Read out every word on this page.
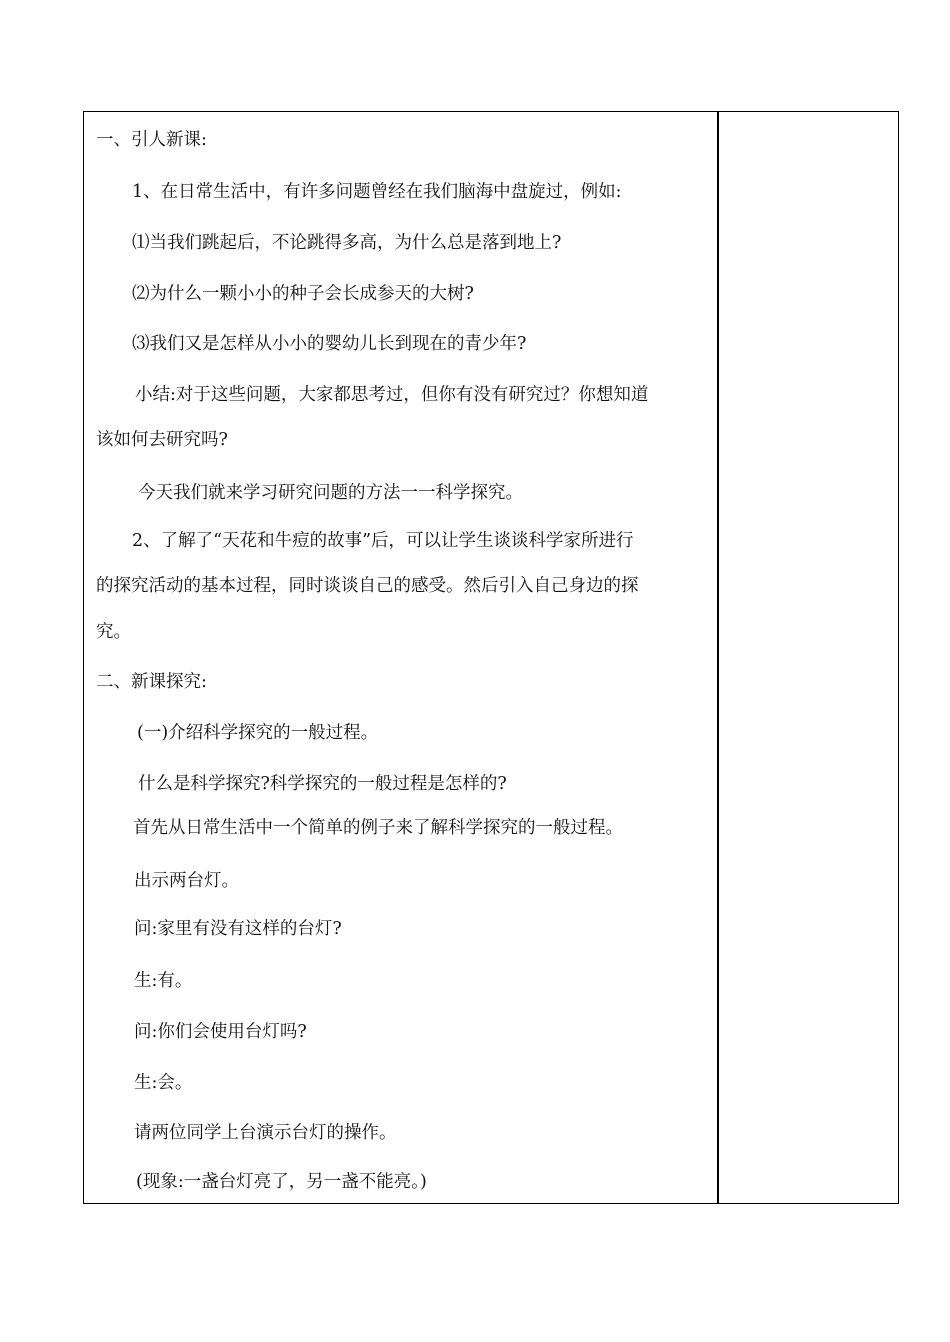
一、引人新课:
1、在日常生活中，有许多问题曾经在我们脑海中盘旋过，例如:
⑴当我们跳起后，不论跳得多高，为什么总是落到地上?
⑵为什么一颗小小的种子会长成参天的大树?
⑶我们又是怎样从小小的婴幼儿长到现在的青少年?
小结:对于这些问题，大家都思考过，但你有没有研究过？你想知道
该如何去研究吗?
今天我们就来学习研究问题的方法一一科学探究。
2、了解了“天花和牛痘的故事”后，可以让学生谈谈科学家所进行
的探究活动的基本过程，同时谈谈自己的感受。然后引入自己身边的探
究。
二、新课探究:
(一)介绍科学探究的一般过程。
什么是科学探究?科学探究的一般过程是怎样的?
首先从日常生活中一个简单的例子来了解科学探究的一般过程。
出示两台灯。
问:家里有没有这样的台灯?
生:有。
问:你们会使用台灯吗?
生:会。
请两位同学上台演示台灯的操作。
(现象:一盏台灯亮了，另一盏不能亮。)
